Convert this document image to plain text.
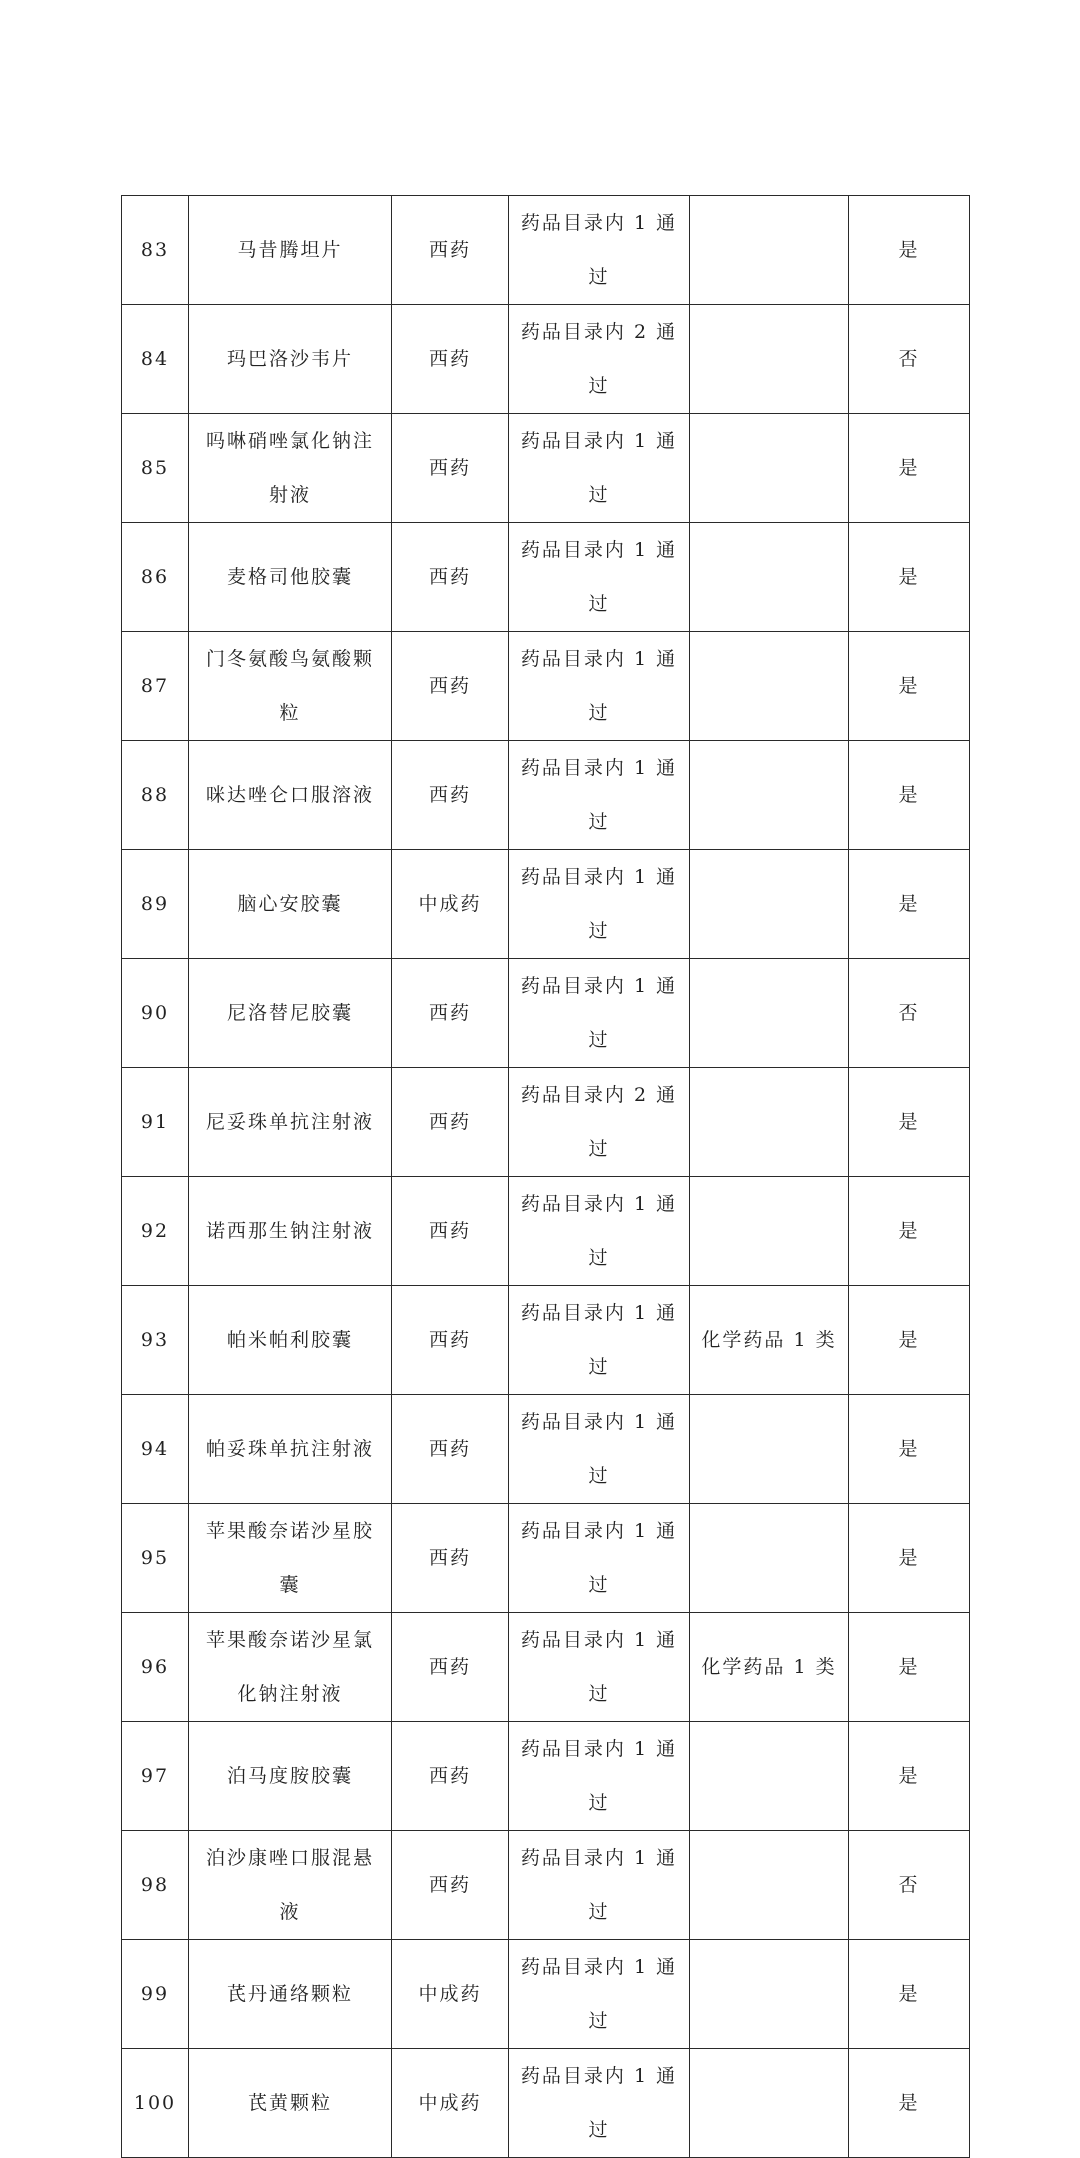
83	马昔腾坦片	西药	药品目录内 1 通过		是
84	玛巴洛沙韦片	西药	药品目录内 2 通过		否
85	吗啉硝唑氯化钠注射液	西药	药品目录内 1 通过		是
86	麦格司他胶囊	西药	药品目录内 1 通过		是
87	门冬氨酸鸟氨酸颗粒	西药	药品目录内 1 通过		是
88	咪达唑仑口服溶液	西药	药品目录内 1 通过		是
89	脑心安胶囊	中成药	药品目录内 1 通过		是
90	尼洛替尼胶囊	西药	药品目录内 1 通过		否
91	尼妥珠单抗注射液	西药	药品目录内 2 通过		是
92	诺西那生钠注射液	西药	药品目录内 1 通过		是
93	帕米帕利胶囊	西药	药品目录内 1 通过	化学药品 1 类	是
94	帕妥珠单抗注射液	西药	药品目录内 1 通过		是
95	苹果酸奈诺沙星胶囊	西药	药品目录内 1 通过		是
96	苹果酸奈诺沙星氯化钠注射液	西药	药品目录内 1 通过	化学药品 1 类	是
97	泊马度胺胶囊	西药	药品目录内 1 通过		是
98	泊沙康唑口服混悬液	西药	药品目录内 1 通过		否
99	芪丹通络颗粒	中成药	药品目录内 1 通过		是
100	芪黄颗粒	中成药	药品目录内 1 通过		是
